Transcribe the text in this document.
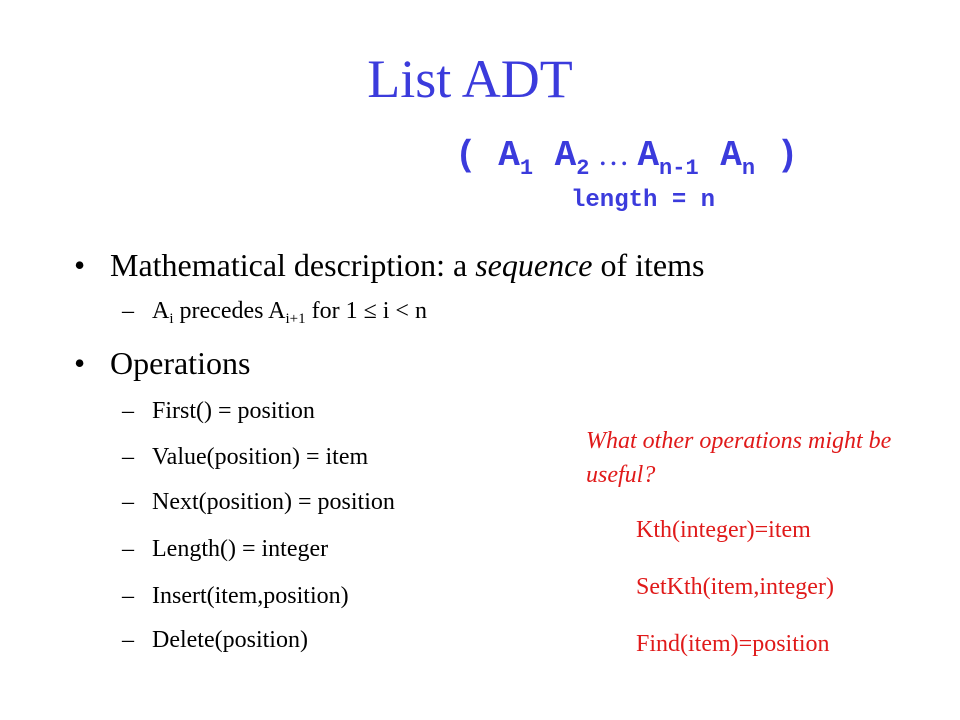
List ADT
( $A_1$ $A_2$ … $A_{n-1}$ $A_n$ )
length = n
• Mathematical description: a sequence of items
– $A_i$ precedes $A_{i+1}$ for 1 ≤ i < n
• Operations
– First() = position
– Value(position) = item
– Next(position) = position
– Length() = integer
– Insert(item,position)
– Delete(position)
What other operations might be useful?
Kth(integer)=item
SetKth(item,integer)
Find(item)=position
